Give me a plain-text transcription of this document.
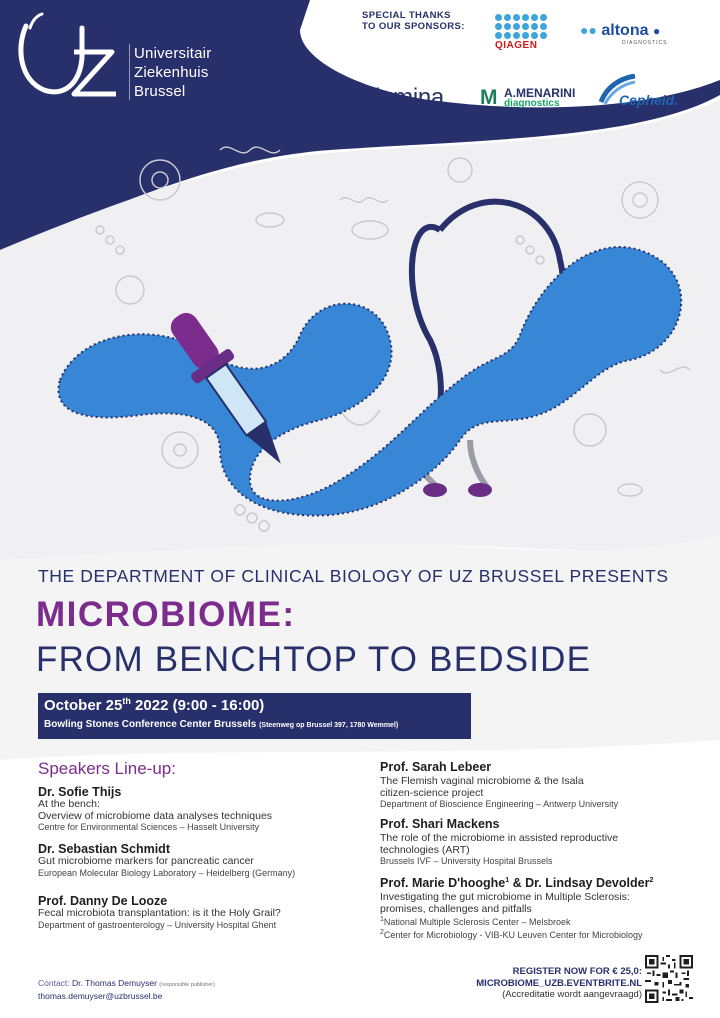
Universitair
Ziekenhuis
Brussel
SPECIAL THANKS
TO OUR SPONSORS:
QIAGEN
●● altona ●
DIAGNOSTICS
illumina M A.MENARINI
diagnostics	Cepheid.
THE DEPARTMENT OF CLINICAL BIOLOGY OF UZ BRUSSEL PRESENTS
MICROBIOME:
FROM BENCHTOP TO BEDSIDE
October 25th 2022 (9:00 - 16:00)
Bowling Stones Conference Center Brussels (Steenweg op Brussel 397, 1780 Wemmel)
Speakers Line-up:
Dr. Sofie Thijs
At the bench:
Overview of microbiome data analyses techniques
Centre for Environmental Sciences – Hasselt University
Dr. Sebastian Schmidt
Gut microbiome markers for pancreatic cancer
European Molecular Biology Laboratory – Heidelberg (Germany)
Prof. Danny De Looze
Fecal microbiota transplantation: is it the Holy Grail?
Department of gastroenterology – University Hospital Ghent
Prof. Sarah Lebeer
The Flemish vaginal microbiome & the Isala
citizen-science project
Department of Bioscience Engineering – Antwerp University
Prof. Shari Mackens
The role of the microbiome in assisted reproductive
technologies (ART)
Brussels IVF – University Hospital Brussels
Prof. Marie D'hooghe$^1$ & Dr. Lindsay Devolder$^2$
Investigating the gut microbiome in Multiple Sclerosis:
promises, challenges and pitfalls
$^1$National Multiple Sclerosis Center – Melsbroek
$^2$Center for Microbiology - VIB-KU Leuven Center for Microbiology
Contact: Dr. Thomas Demuyser (responsible publisher)
thomas.demuyser@uzbrussel.be
REGISTER NOW FOR € 25,0:
MICROBIOME_UZB.EVENTBRITE.NL
(Accreditatie wordt aangevraagd)
